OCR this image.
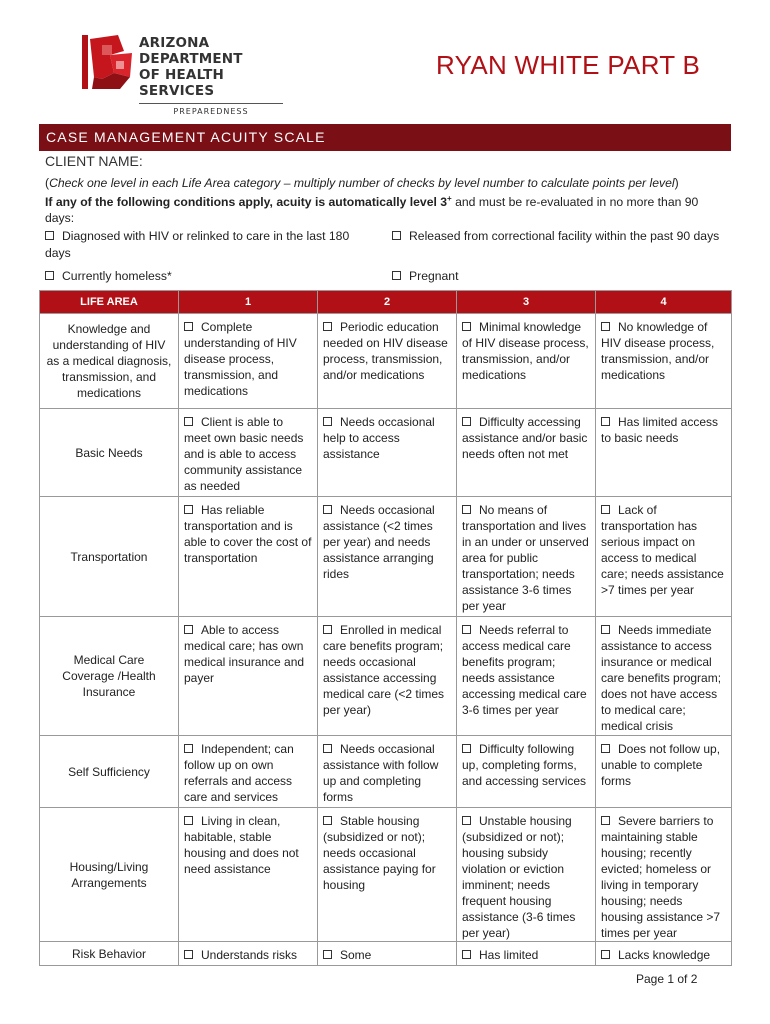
ARIZONA DEPARTMENT
OF HEALTH SERVICES
PREPAREDNESS
RYAN WHITE PART B
CASE MANAGEMENT ACUITY SCALE
CLIENT NAME:
(Check one level in each Life Area category – multiply number of checks by level number to calculate points per level)
If any of the following conditions apply, acuity is automatically level 3+ and must be re-evaluated in no more than 90 days:
Diagnosed with HIV or relinked to care in the last 180 days
Released from correctional facility within the past 90 days
Currently homeless*	Pregnant
LIFE AREA	1	2	3	4
Knowledge and understanding of HIV as a medical diagnosis, transmission, and medications	Complete understanding of HIV disease process, transmission, and medications	Periodic education needed on HIV disease process, transmission, and/or medications	Minimal knowledge of HIV disease process, transmission, and/or medications	No knowledge of HIV disease process, transmission, and/or medications
Basic Needs	Client is able to meet own basic needs and is able to access community assistance as needed	Needs occasional help to access assistance	Difficulty accessing assistance and/or basic needs often not met	Has limited access to basic needs
Transportation	Has reliable transportation and is able to cover the cost of transportation	Needs occasional assistance (<2 times per year) and needs assistance arranging rides	No means of transportation and lives in an under or unserved area for public transportation; needs assistance 3-6 times per year	Lack of transportation has serious impact on access to medical care; needs assistance >7 times per year
Medical Care Coverage /Health Insurance	Able to access medical care; has own medical insurance and payer	Enrolled in medical care benefits program; needs occasional assistance accessing medical care (<2 times per year)	Needs referral to access medical care benefits program; needs assistance accessing medical care 3-6 times per year	Needs immediate assistance to access insurance or medical care benefits program; does not have access to medical care; medical crisis
Self Sufficiency	Independent; can follow up on own referrals and access care and services	Needs occasional assistance with follow up and completing forms	Difficulty following up, completing forms, and accessing services	Does not follow up, unable to complete forms
Housing/Living Arrangements	Living in clean, habitable, stable housing and does not need assistance	Stable housing (subsidized or not); needs occasional assistance paying for housing	Unstable housing (subsidized or not); housing subsidy violation or eviction imminent; needs frequent housing assistance (3-6 times per year)	Severe barriers to maintaining stable housing; recently evicted; homeless or living in temporary housing; needs housing assistance >7 times per year
Risk Behavior	Understands risks	Some	Has limited	Lacks knowledge
Page 1 of 2
